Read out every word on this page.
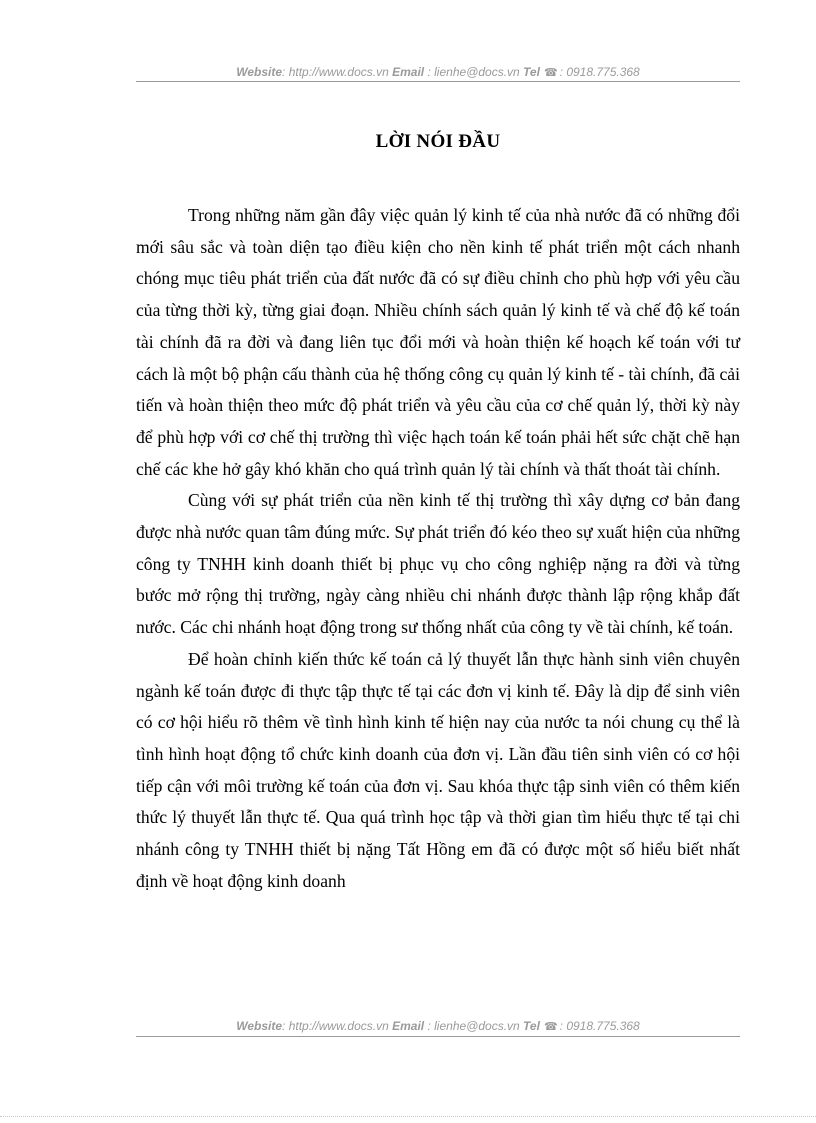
Website: http://www.docs.vn Email : lienhe@docs.vn Tel ☎ : 0918.775.368
LỜI NÓI ĐẦU

Trong những năm gần đây việc quản lý kinh tế của nhà nước đã có những đổi mới sâu sắc và toàn diện tạo điều kiện cho nền kinh tế phát triển một cách nhanh chóng mục tiêu phát triển của đất nước đã có sự điều chỉnh cho phù hợp với yêu cầu của từng thời kỳ, từng giai đoạn. Nhiều chính sách quản lý kinh tế và chế độ kế toán tài chính đã ra đời và đang liên tục đổi mới và hoàn thiện kế hoạch kế toán với tư cách là một bộ phận cấu thành của hệ thống công cụ quản lý kinh tế - tài chính, đã cải tiến và hoàn thiện theo mức độ phát triển và yêu cầu của cơ chế quản lý, thời kỳ này để phù hợp với cơ chế thị trường thì việc hạch toán kế toán phải hết sức chặt chẽ hạn chế các khe hở gây khó khăn cho quá trình quản lý tài chính và thất thoát tài chính.

Cùng với sự phát triển của nền kinh tế thị trường thì xây dựng cơ bản đang được nhà nước quan tâm đúng mức. Sự phát triển đó kéo theo sự xuất hiện của những công ty TNHH kinh doanh thiết bị phục vụ cho công nghiệp nặng ra đời và từng bước mở rộng thị trường, ngày càng nhiều chi nhánh được thành lập rộng khắp đất nước. Các chi nhánh hoạt động trong sư thống nhất của công ty về tài chính, kế toán.

Để hoàn chỉnh kiến thức kế toán cả lý thuyết lẫn thực hành sinh viên chuyên ngành kế toán được đi thực tập thực tế tại các đơn vị kinh tế. Đây là dịp để sinh viên có cơ hội hiểu rõ thêm về tình hình kinh tế hiện nay của nước ta nói chung cụ thể là tình hình hoạt động tổ chức kinh doanh của đơn vị. Lần đầu tiên sinh viên có cơ hội tiếp cận với môi trường kế toán của đơn vị. Sau khóa thực tập sinh viên có thêm kiến thức lý thuyết lẫn thực tế. Qua quá trình học tập và thời gian tìm hiểu thực tế tại chi nhánh công ty TNHH thiết bị nặng Tất Hồng em đã có được một số hiểu biết nhất định về hoạt động kinh doanh

Website: http://www.docs.vn Email : lienhe@docs.vn Tel ☎ : 0918.775.368
